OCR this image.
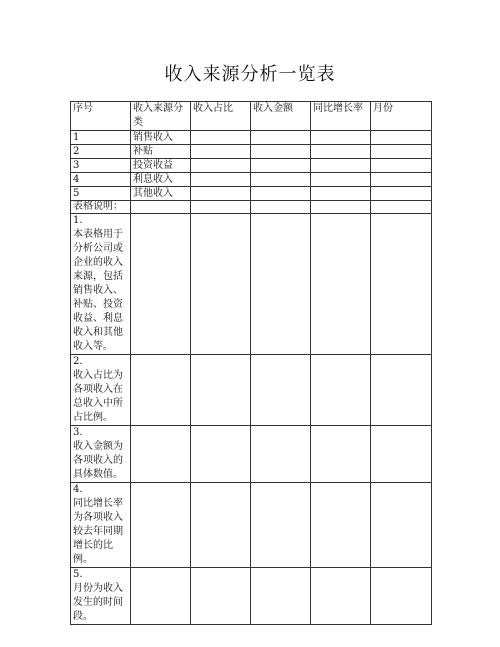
收入来源分析一览表
序号	收入来源分类	收入占比	收入金额	同比增长率	月份
1	销售收入				
2	补贴				
3	投资收益				
4	利息收入				
5	其他收入				
表格说明：					

1.
本表格用于分析公司或企业的收入来源，包括销售收入、补贴、投资收益、利息收入和其他收入等。					

2.
收入占比为各项收入在总收入中所占比例。					

3.
收入金额为各项收入的具体数值。					

4.
同比增长率为各项收入较去年同期增长的比例。					

5.
月份为收入发生的时间段。					
